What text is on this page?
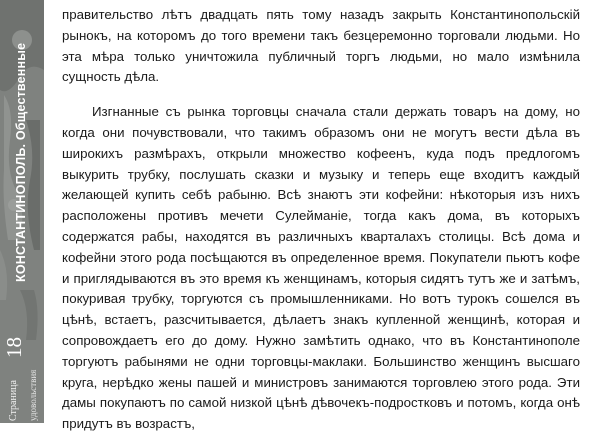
КОНСТАНТИНОПОЛЬ. Общественные
Страница
18
удовольствия

правительство лѣтъ двадцать пять тому назадъ закрыть Константинопольскій рынокъ, на которомъ до того времени такъ безцеремонно торговали людьми. Но эта мѣра только уничтожила публичный торгъ людьми, но мало измѣнила сущность дѣла.

Изгнанные съ рынка торговцы сначала стали держать товаръ на дому, но когда они почувствовали, что такимъ образомъ они не могутъ вести дѣла въ широкихъ размѣрахъ, открыли множество кофеенъ, куда подъ предлогомъ выкурить трубку, послушать сказки и музыку и теперь еще входитъ каждый желающей купить себѣ рабыню. Всѣ знаютъ эти кофейни: нѣкоторыя изъ нихъ расположены противъ мечети Сулейманіе, тогда какъ дома, въ которыхъ содержатся рабы, находятся въ различныхъ кварталахъ столицы. Всѣ дома и кофейни этого рода посѣщаются въ определенное время. Покупатели пьютъ кофе и приглядываются въ это время къ женщинамъ, которыя сидятъ тутъ же и затѣмъ, покуривая трубку, торгуются съ промышленниками. Но вотъ турокъ сошелся въ цѣнѣ, встаетъ, разсчитывается, дѣлаетъ знакъ купленной женщинѣ, которая и сопровождаетъ его до дому. Нужно замѣтить однако, что въ Константинополе торгуютъ рабынями не одни торговцы-маклаки. Большинство женщинъ высшаго круга, нерѣдко жены пашей и министровъ занимаются торговлею этого рода. Эти дамы покупаютъ по самой низкой цѣнѣ дѣвочекъ-подростковъ и потомъ, когда онѣ придутъ въ возрастъ,
